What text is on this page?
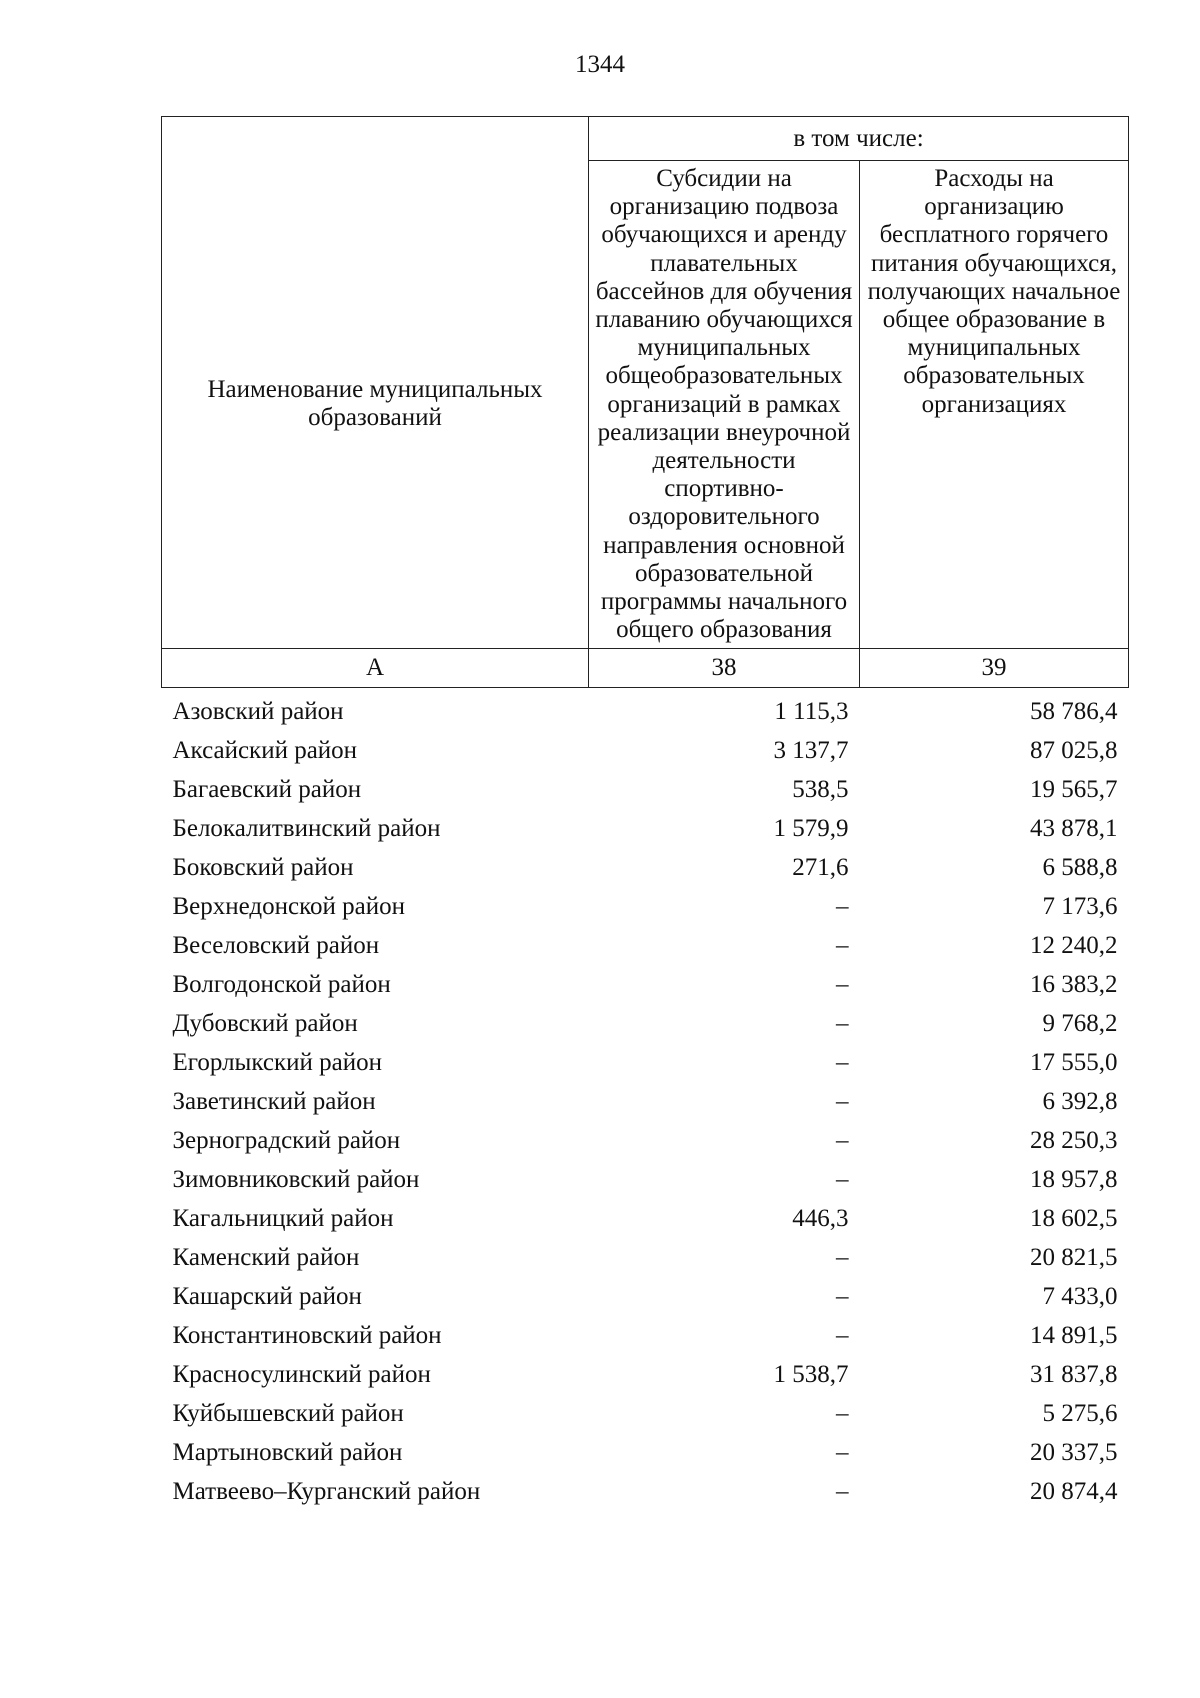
1344
Наименование муниципальных образований	в том числе:	
	Субсидии на организацию подвоза обучающихся и аренду плавательных бассейнов для обучения плаванию обучающихся муниципальных общеобразовательных организаций в рамках реализации внеурочной деятельности спортивно-оздоровительного направления основной образовательной программы начального общего образования	Расходы на организацию бесплатного горячего питания обучающихся, получающих начальное общее образование в муниципальных образовательных организациях
А	38	39
Азовский район	1 115,3	58 786,4
Аксайский район	3 137,7	87 025,8
Багаевский район	538,5	19 565,7
Белокалитвинский район	1 579,9	43 878,1
Боковский район	271,6	6 588,8
Верхнедонской район	–	7 173,6
Веселовский район	–	12 240,2
Волгодонской район	–	16 383,2
Дубовский район	–	9 768,2
Егорлыкский район	–	17 555,0
Заветинский район	–	6 392,8
Зерноградский район	–	28 250,3
Зимовниковский район	–	18 957,8
Кагальницкий район	446,3	18 602,5
Каменский район	–	20 821,5
Кашарский район	–	7 433,0
Константиновский район	–	14 891,5
Красносулинский район	1 538,7	31 837,8
Куйбышевский район	–	5 275,6
Мартыновский район	–	20 337,5
Матвеево–Курганский район	–	20 874,4
